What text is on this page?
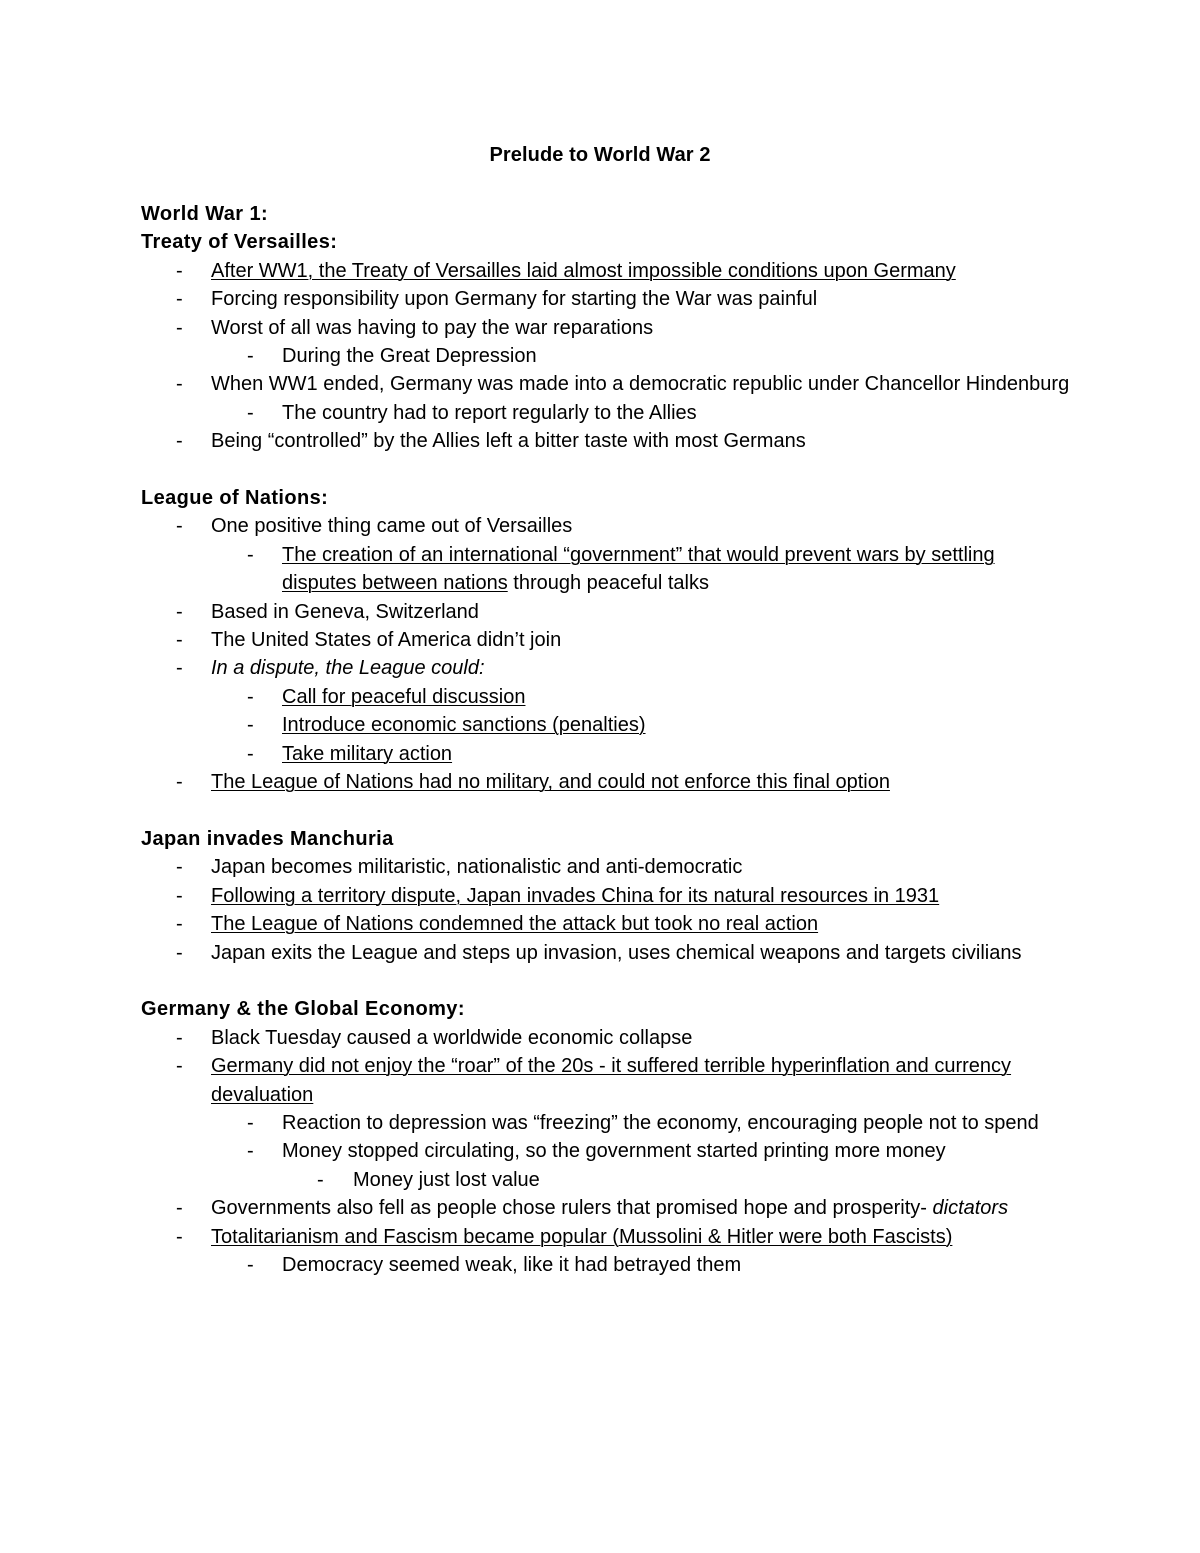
Prelude to World War 2
World War 1:
Treaty of Versailles:
- After WW1, the Treaty of Versailles laid almost impossible conditions upon Germany
- Forcing responsibility upon Germany for starting the War was painful
- Worst of all was having to pay the war reparations
- During the Great Depression
- When WW1 ended, Germany was made into a democratic republic under Chancellor Hindenburg
- The country had to report regularly to the Allies
- Being “controlled” by the Allies left a bitter taste with most Germans
League of Nations:
- One positive thing came out of Versailles
- The creation of an international “government” that would prevent wars by settling disputes between nations through peaceful talks
- Based in Geneva, Switzerland
- The United States of America didn’t join
- In a dispute, the League could:
- Call for peaceful discussion
- Introduce economic sanctions (penalties)
- Take military action
- The League of Nations had no military, and could not enforce this final option
Japan invades Manchuria
- Japan becomes militaristic, nationalistic and anti-democratic
- Following a territory dispute, Japan invades China for its natural resources in 1931
- The League of Nations condemned the attack but took no real action
- Japan exits the League and steps up invasion, uses chemical weapons and targets civilians
Germany & the Global Economy:
- Black Tuesday caused a worldwide economic collapse
- Germany did not enjoy the “roar” of the 20s - it suffered terrible hyperinflation and currency devaluation
- Reaction to depression was “freezing” the economy, encouraging people not to spend
- Money stopped circulating, so the government started printing more money
- Money just lost value
- Governments also fell as people chose rulers that promised hope and prosperity- dictators
- Totalitarianism and Fascism became popular (Mussolini & Hitler were both Fascists)
- Democracy seemed weak, like it had betrayed them
